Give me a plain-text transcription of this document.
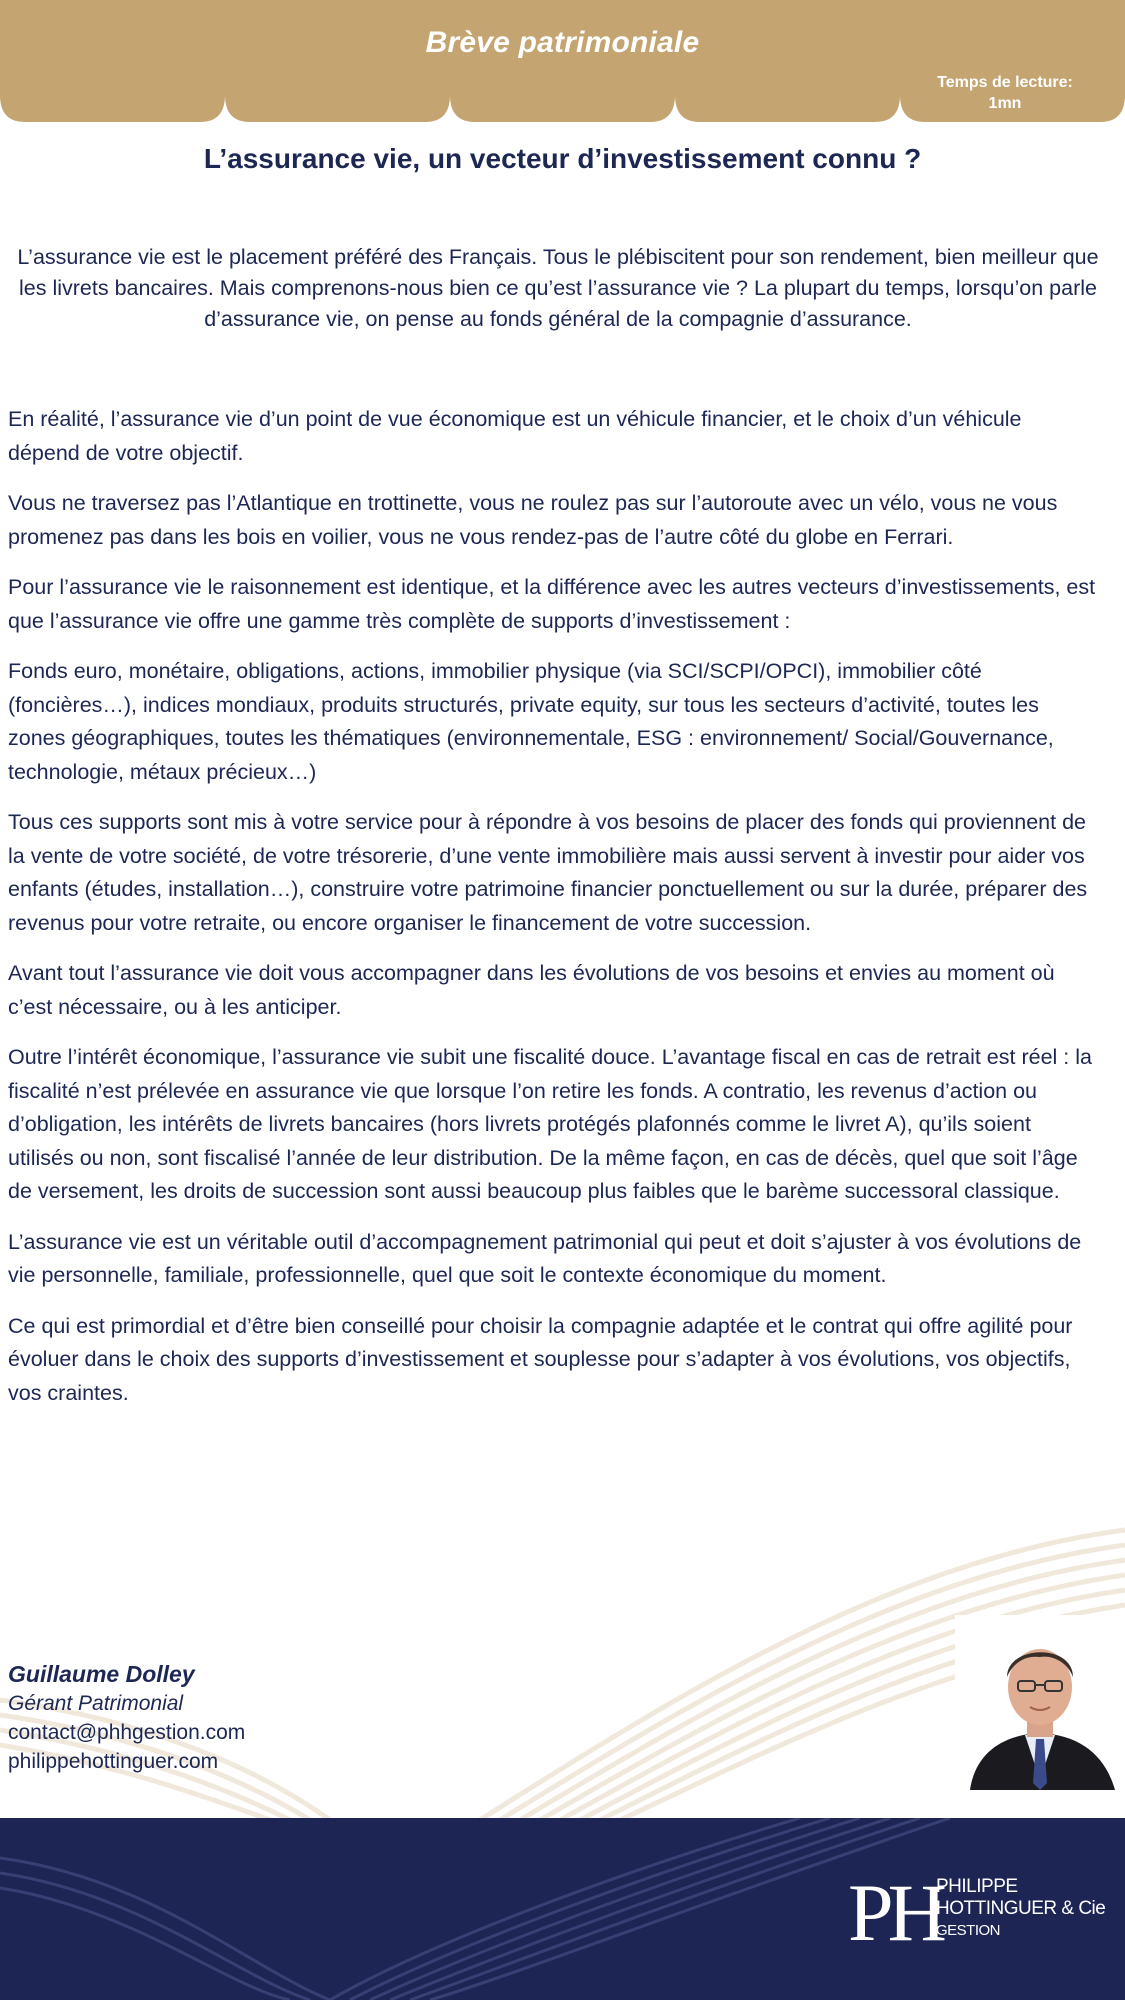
Brève patrimoniale
Temps de lecture:
1mn
L’assurance vie, un vecteur d’investissement connu ?
L’assurance vie est le placement préféré des Français. Tous le plébiscitent pour son rendement, bien meilleur que les livrets bancaires. Mais comprenons-nous bien ce qu’est l’assurance vie ? La plupart du temps, lorsqu’on parle d’assurance vie, on pense au fonds général de la compagnie d’assurance.

En réalité, l’assurance vie d’un point de vue économique est un véhicule financier, et le choix d’un véhicule dépend de votre objectif.

Vous ne traversez pas l’Atlantique en trottinette, vous ne roulez pas sur l’autoroute avec un vélo, vous ne vous promenez pas dans les bois en voilier, vous ne vous rendez-pas de l’autre côté du globe en Ferrari.

Pour l’assurance vie le raisonnement est identique, et la différence avec les autres vecteurs d’investissements, est que l’assurance vie offre une gamme très complète de supports d’investissement :

Fonds euro, monétaire, obligations, actions, immobilier physique (via SCI/SCPI/OPCI), immobilier côté (foncières…), indices mondiaux, produits structurés, private equity, sur tous les secteurs d’activité, toutes les zones géographiques, toutes les thématiques (environnementale, ESG : environnement/ Social/Gouvernance, technologie, métaux précieux…)

Tous ces supports sont mis à votre service pour à répondre à vos besoins de placer des fonds qui proviennent de la vente de votre société, de votre trésorerie, d’une vente immobilière mais aussi servent à investir pour aider vos enfants (études, installation…), construire votre patrimoine financier ponctuellement ou sur la durée, préparer des revenus pour votre retraite, ou encore organiser le financement de votre succession.

Avant tout l’assurance vie doit vous accompagner dans les évolutions de vos besoins et envies au moment où c’est nécessaire, ou à les anticiper.

Outre l’intérêt économique, l’assurance vie subit une fiscalité douce. L’avantage fiscal en cas de retrait est réel : la fiscalité n’est prélevée en assurance vie que lorsque l’on retire les fonds. A contratio, les revenus d’action ou d’obligation, les intérêts de livrets bancaires (hors livrets protégés plafonnés comme le livret A), qu’ils soient utilisés ou non, sont fiscalisé l’année de leur distribution. De la même façon, en cas de décès, quel que soit l’âge de versement, les droits de succession sont aussi beaucoup plus faibles que le barème successoral classique.

L’assurance vie est un véritable outil d’accompagnement patrimonial qui peut et doit s’ajuster à vos évolutions de vie personnelle, familiale, professionnelle, quel que soit le contexte économique du moment.

Ce qui est primordial et d’être bien conseillé pour choisir la compagnie adaptée et le contrat qui offre agilité pour évoluer dans le choix des supports d’investissement et souplesse pour s’adapter à vos évolutions, vos objectifs, vos craintes.

Guillaume Dolley
Gérant Patrimonial
contact@phhgestion.com
philippehottinguer.com
PH
PHILIPPE
HOTTINGUER & Cie
GESTION
